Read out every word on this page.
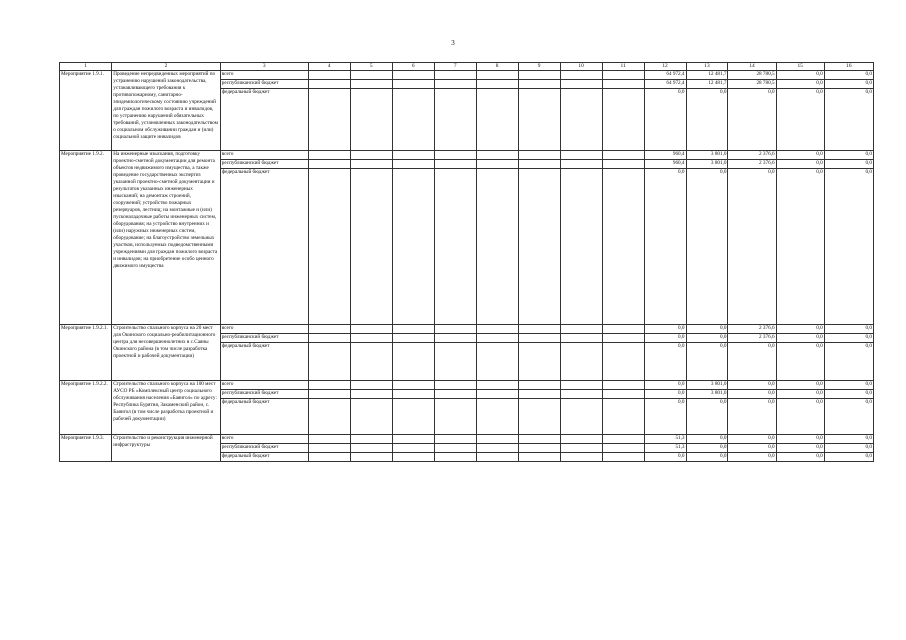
3
1	2	3	4	5	6	7	8	9	10	11	12	13	14	15	16
Мероприятие 1.9.1.	Проведение непредвиденных мероприятий по устранению нарушений законодательства, устанавливающего требования к противопожарному, санитарно-эпидемиологическому состоянию учреждений для граждан пожилого возраста и инвалидов, по устранению нарушений обязательных требований, установленных законодательством о социальном обслуживании граждан и (или) социальной защите инвалидов	всего									64 972,4	12 481,7	28 780,5	0,0	0,0
		республиканский бюджет									64 972,4	12 481,7	28 780,5	0,0	0,0
		федеральный бюджет									0,0	0,0	0,0	0,0	0,0
Мероприятие 1.9.2.	На инженерные изыскания, подготовку проектно-сметной документации для ремонта объектов недвижимого имущества, а также проведение государственных экспертиз указанной проектно-сметной документации и результатов указанных инженерных изысканий; на демонтаж строений, сооружений; устройство пожарных резервуаров, лестниц; на монтажные и (или) пусконаладочные работы инженерных систем, оборудования; на устройство внутренних и (или) наружных инженерных систем, оборудование; на благоустройство земельных участков, используемых подведомственными учреждениями для граждан пожилого возраста и инвалидов; на приобретение особо ценного движимого имущества	всего									960,4	3 801,0	2 376,6	0,0	0,0
		республиканский бюджет									960,4	3 801,0	2 376,6	0,0	0,0
		федеральный бюджет									0,0	0,0	0,0	0,0	0,0
Мероприятие 1.9.2.1.	Строительство спального корпуса на 20 мест для Окинского социально-реабилитационного центра для несовершеннолетних в с.Саяны Окинского района (в том числе разработка проектной и рабочей документации)	всего									0,0	0,0	2 376,6	0,0	0,0
		республиканский бюджет									0,0	0,0	2 376,6	0,0	0,0
		федеральный бюджет									0,0	0,0	0,0	0,0	0,0
Мероприятие 1.9.2.2.	Строительство спального корпуса на 100 мест АУСО РБ «Комплексный центр социального обслуживания населения «Баянгол» по адресу: Республика Бурятия, Закаменский район, с. Баянгол (в том числе разработка проектной и рабочей документации)	всего									0,0	3 801,0	0,0	0,0	0,0
		республиканский бюджет									0,0	3 801,0	0,0	0,0	0,0
		федеральный бюджет									0,0	0,0	0,0	0,0	0,0
Мероприятие 1.9.3.	Строительство и реконструкция инженерной инфраструктуры	всего									51,3	0,0	0,0	0,0	0,0
		республиканский бюджет									51,3	0,0	0,0	0,0	0,0
		федеральный бюджет									0,0	0,0	0,0	0,0	0,0
